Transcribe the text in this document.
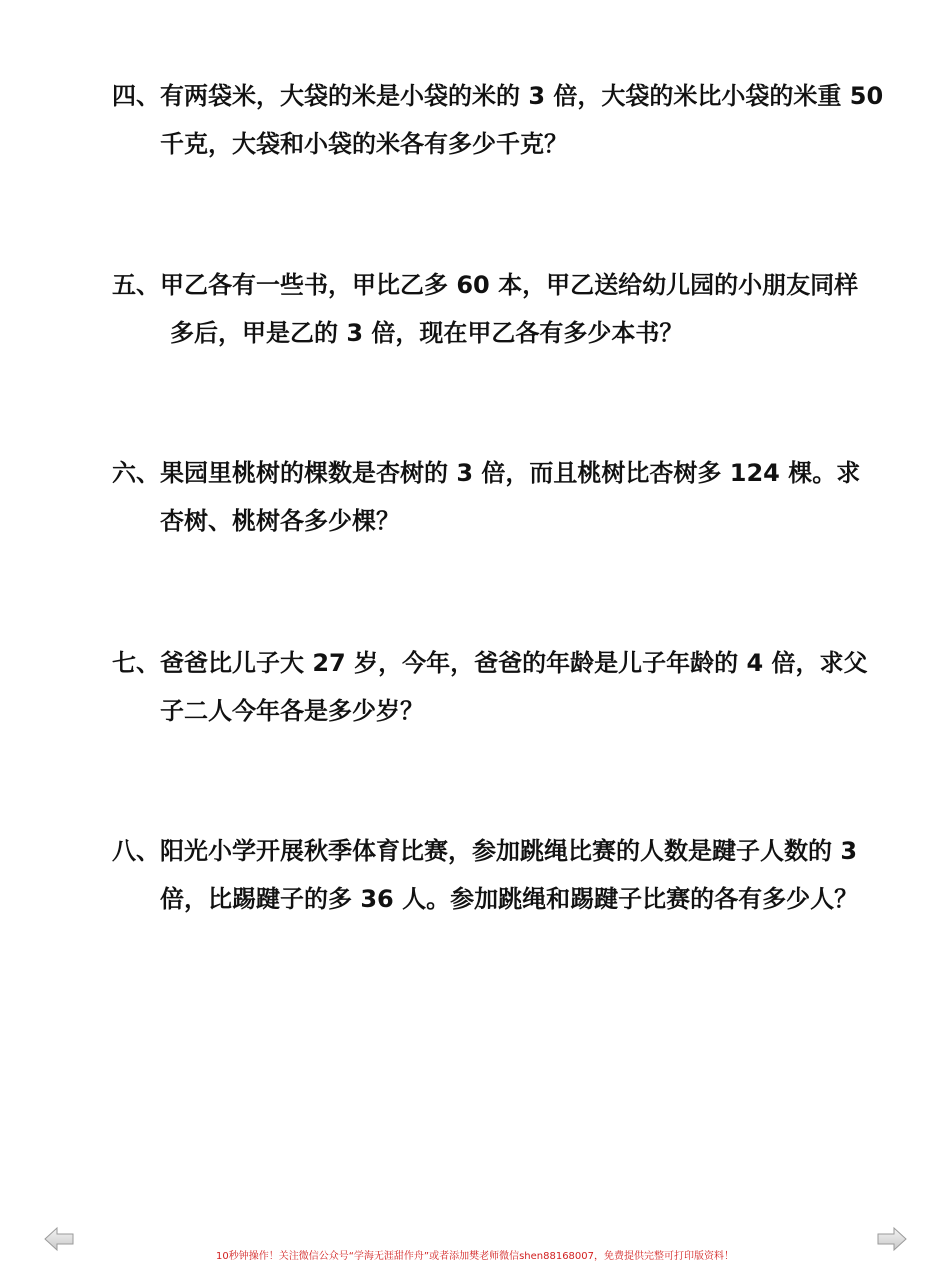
四、有两袋米，大袋的米是小袋的米的 3 倍，大袋的米比小袋的米重 50
千克，大袋和小袋的米各有多少千克？
五、甲乙各有一些书，甲比乙多 60 本，甲乙送给幼儿园的小朋友同样
多后，甲是乙的 3 倍，现在甲乙各有多少本书？
六、果园里桃树的棵数是杏树的 3 倍，而且桃树比杏树多 124 棵。求
杏树、桃树各多少棵？
七、爸爸比儿子大 27 岁，今年，爸爸的年龄是儿子年龄的 4 倍，求父
子二人今年各是多少岁？
八、阳光小学开展秋季体育比赛，参加跳绳比赛的人数是踺子人数的 3
倍，比踢踺子的多 36 人。参加跳绳和踢踺子比赛的各有多少人？
10秒钟操作！关注微信公众号“学海无涯甜作舟”或者添加樊老师微信shen88168007，免费提供完整可打印版资料！
